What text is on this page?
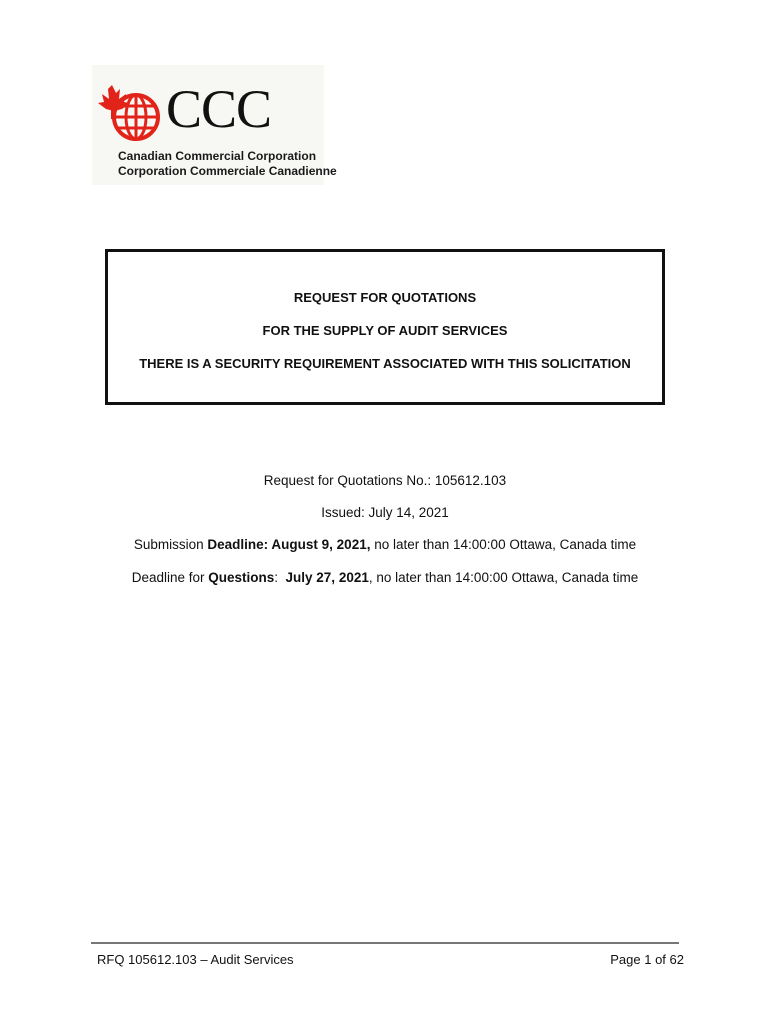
CCC
Canadian Commercial Corporation
Corporation Commerciale Canadienne
REQUEST FOR QUOTATIONS
FOR THE SUPPLY OF AUDIT SERVICES
THERE IS A SECURITY REQUIREMENT ASSOCIATED WITH THIS SOLICITATION
Request for Quotations No.: 105612.103
Issued: July 14, 2021
Submission Deadline: August 9, 2021, no later than 14:00:00 Ottawa, Canada time
Deadline for Questions:  July 27, 2021, no later than 14:00:00 Ottawa, Canada time
RFQ 105612.103 – Audit Services	Page 1 of 62
